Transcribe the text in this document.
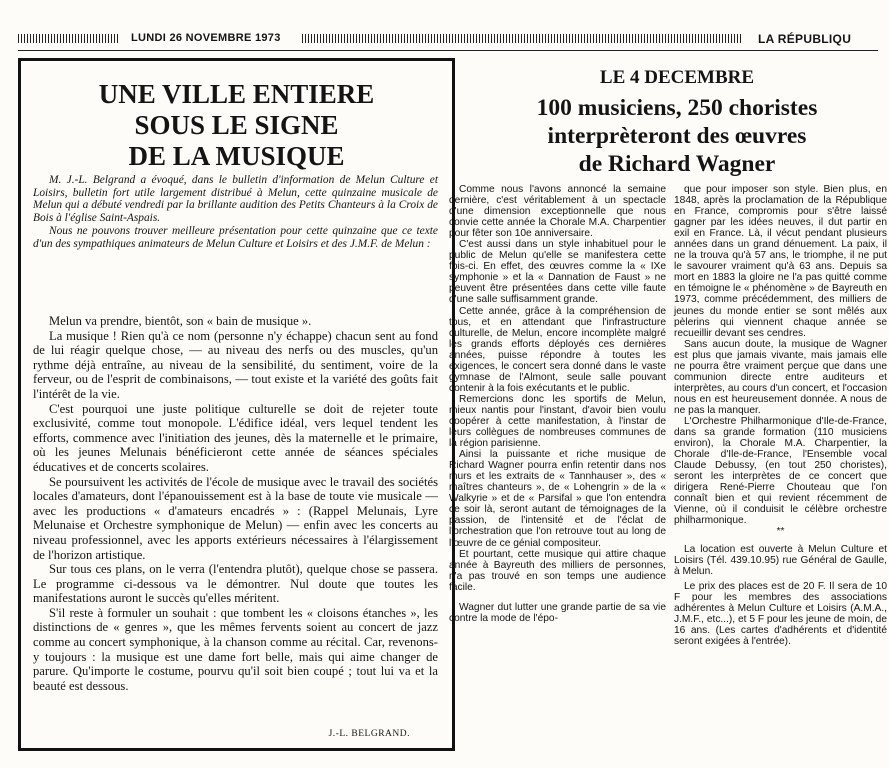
LUNDI 26 NOVEMBRE 1973	LA RÉPUBLIQU

UNE VILLE ENTIERE

SOUS LE SIGNE

DE LA MUSIQUE

M. J.-L. Belgrand a évoqué, dans le bulletin d'information de Melun Culture et Loisirs, bulletin fort utile largement distribué à Melun, cette quinzaine musicale de Melun qui a débuté vendredi par la brillante audition des Petits Chanteurs à la Croix de Bois à l'église Saint-Aspais.

Nous ne pouvons trouver meilleure présentation pour cette quinzaine que ce texte d'un des sympathiques animateurs de Melun Culture et Loisirs et des J.M.F. de Melun :

Melun va prendre, bientôt, son « bain de musique ».

La musique ! Rien qu'à ce nom (personne n'y échappe) chacun sent au fond de lui réagir quelque chose, — au niveau des nerfs ou des muscles, qu'un rythme déjà entraîne, au niveau de la sensibilité, du sentiment, voire de la ferveur, ou de l'esprit de combinaisons, — tout existe et la variété des goûts fait l'intérêt de la vie.

C'est pourquoi une juste politique culturelle se doit de rejeter toute exclusivité, comme tout monopole. L'édifice idéal, vers lequel tendent les efforts, commence avec l'initiation des jeunes, dès la maternelle et le primaire, où les jeunes Melunais bénéficieront cette année de séances spéciales éducatives et de concerts scolaires.

Se poursuivent les activités de l'école de musique avec le travail des sociétés locales d'amateurs, dont l'épanouissement est à la base de toute vie musicale — avec les productions « d'amateurs encadrés » : (Rappel Melunais, Lyre Melunaise et Orchestre symphonique de Melun) — enfin avec les concerts au niveau professionnel, avec les apports extérieurs nécessaires à l'élargissement de l'horizon artistique.

Sur tous ces plans, on le verra (l'entendra plutôt), quelque chose se passera. Le programme ci-dessous va le démontrer. Nul doute que toutes les manifestations auront le succès qu'elles méritent.

S'il reste à formuler un souhait : que tombent les « cloisons étanches », les distinctions de « genres », que les mêmes fervents soient au concert de jazz comme au concert symphonique, à la chanson comme au récital. Car, revenons-y toujours : la musique est une dame fort belle, mais qui aime changer de parure. Qu'importe le costume, pourvu qu'il soit bien coupé ; tout lui va et la beauté est dessous.

J.-L. BELGRAND.

LE 4 DECEMBRE

100 musiciens, 250 choristes

interprèteront des œuvres

de Richard Wagner

Comme nous l'avons annoncé la semaine dernière, c'est véritablement à un spectacle d'une dimension exceptionnelle que nous convie cette année la Chorale M.A. Charpentier pour fêter son 10e anniversaire.

C'est aussi dans un style inhabituel pour le public de Melun qu'elle se manifestera cette fois-ci. En effet, des œuvres comme la « IXe symphonie » et la « Dannation de Faust » ne peuvent être présentées dans cette ville faute d'une salle suffisamment grande.

Cette année, grâce à la compréhension de tous, et en attendant que l'infrastructure culturelle, de Melun, encore incomplète malgré les grands efforts déployés ces dernières années, puisse répondre à toutes les exigences, le concert sera donné dans le vaste gymnase de l'Almont, seule salle pouvant contenir à la fois exécutants et le public.

Remercions donc les sportifs de Melun, mieux nantis pour l'instant, d'avoir bien voulu coopérer à cette manifestation, à l'instar de leurs collègues de nombreuses communes de la région parisienne.

Ainsi la puissante et riche musique de Richard Wagner pourra enfin retentir dans nos murs et les extraits de « Tannhauser », des « maîtres chanteurs », de « Lohengrin » de la « Walkyrie » et de « Parsifal » que l'on entendra ce soir là, seront autant de témoignages de la passion, de l'intensité et de l'éclat de l'orchestration que l'on retrouve tout au long de l'œuvre de ce génial compositeur.

Et pourtant, cette musique qui attire chaque année à Bayreuth des milliers de personnes, n'a pas trouvé en son temps une audience facile.

Wagner dut lutter une grande partie de sa vie contre la mode de l'épo-

que pour imposer son style. Bien plus, en 1848, après la proclamation de la République en France, compromis pour s'être laissé gagner par les idées neuves, il dut partir en exil en France. Là, il vécut pendant plusieurs années dans un grand dénuement. La paix, il ne la trouva qu'à 57 ans, le triomphe, il ne put le savourer vraiment qu'à 63 ans. Depuis sa mort en 1883 la gloire ne l'a pas quitté comme en témoigne le « phénomène » de Bayreuth en 1973, comme précédemment, des milliers de jeunes du monde entier se sont mêlés aux pèlerins qui viennent chaque année se recueillir devant ses cendres.

Sans aucun doute, la musique de Wagner est plus que jamais vivante, mais jamais elle ne pourra être vraiment perçue que dans une communion directe entre auditeurs et interprètes, au cours d'un concert, et l'occasion nous en est heureusement donnée. A nous de ne pas la manquer.

L'Orchestre Philharmonique d'Ile-de-France, dans sa grande formation (110 musiciens environ), la Chorale M.A. Charpentier, la Chorale d'Ile-de-France, l'Ensemble vocal Claude Debussy, (en tout 250 choristes), seront les interprètes de ce concert que dirigera René-Pierre Chouteau que l'on connaît bien et qui revient récemment de Vienne, où il conduisit le célèbre orchestre philharmonique.

**

La location est ouverte à Melun Culture et Loisirs (Tél. 439.10.95) rue Général de Gaulle, à Melun.

Le prix des places est de 20 F. Il sera de 10 F pour les membres des associations adhérentes à Melun Culture et Loisirs (A.M.A., J.M.F., etc...), et 5 F pour les jeune de moin, de 16 ans. (Les cartes d'adhérents et d'identité seront exigées à l'entrée).
